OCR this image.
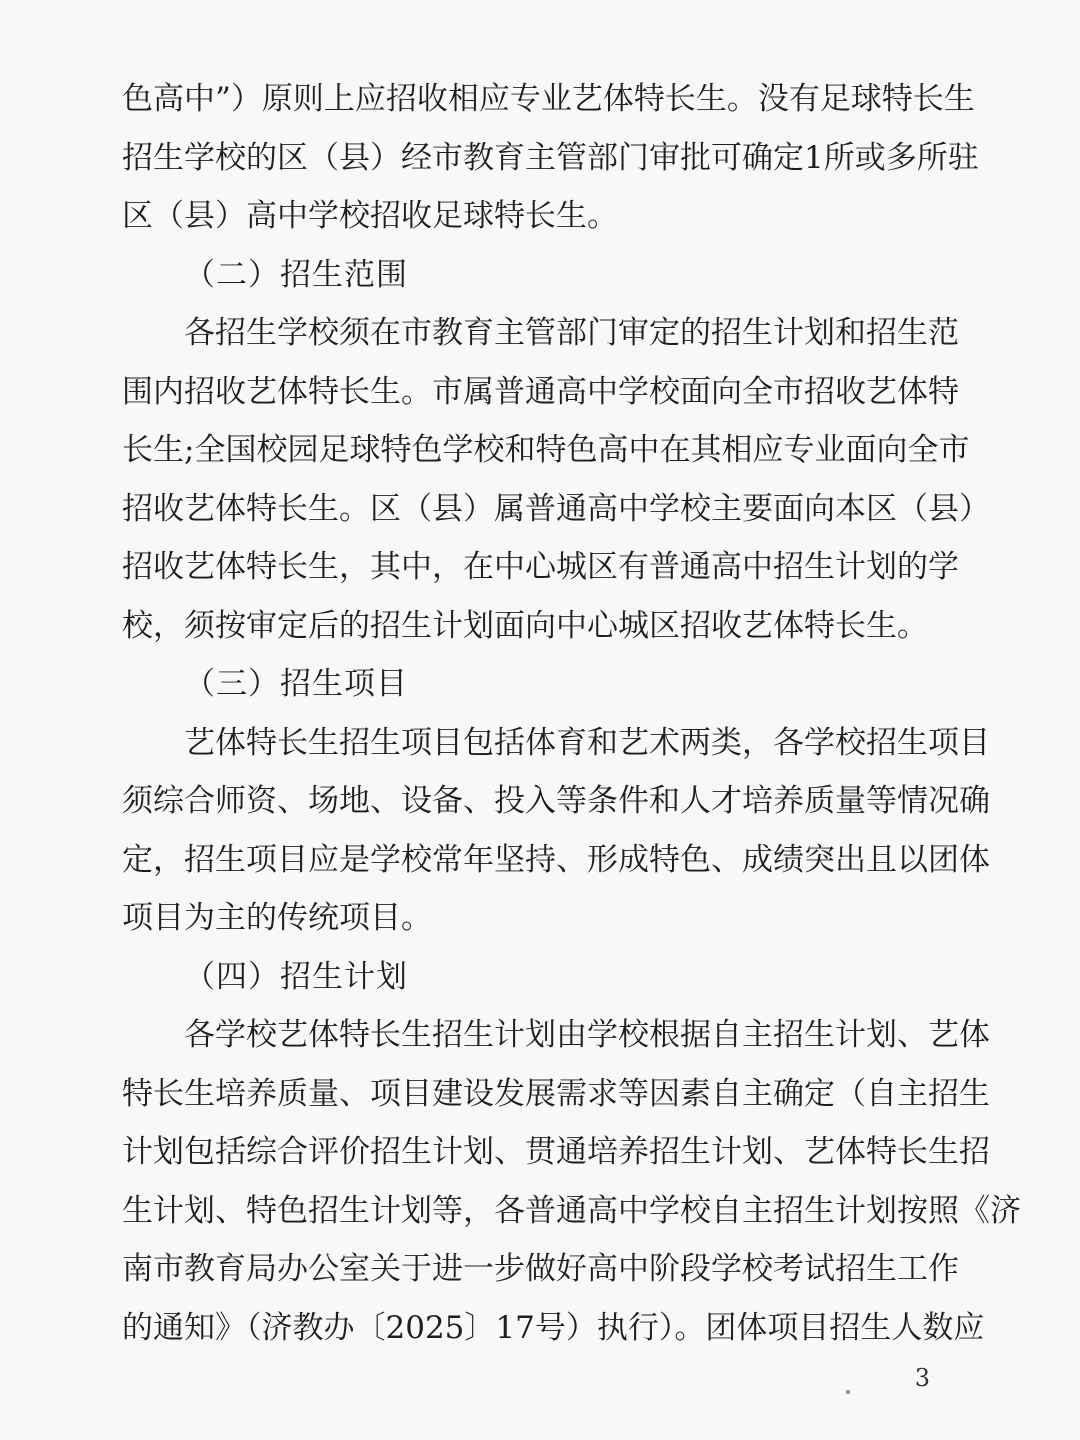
色高中”）原则上应招收相应专业艺体特长生。没有足球特长生
招生学校的区（县）经市教育主管部门审批可确定1所或多所驻
区（县）高中学校招收足球特长生。
（二）招生范围
各招生学校须在市教育主管部门审定的招生计划和招生范
围内招收艺体特长生。市属普通高中学校面向全市招收艺体特
长生;全国校园足球特色学校和特色高中在其相应专业面向全市
招收艺体特长生。区（县）属普通高中学校主要面向本区（县）
招收艺体特长生，其中，在中心城区有普通高中招生计划的学
校，须按审定后的招生计划面向中心城区招收艺体特长生。
（三）招生项目
艺体特长生招生项目包括体育和艺术两类，各学校招生项目
须综合师资、场地、设备、投入等条件和人才培养质量等情况确
定，招生项目应是学校常年坚持、形成特色、成绩突出且以团体
项目为主的传统项目。
（四）招生计划
各学校艺体特长生招生计划由学校根据自主招生计划、艺体
特长生培养质量、项目建设发展需求等因素自主确定（自主招生
计划包括综合评价招生计划、贯通培养招生计划、艺体特长生招
生计划、特色招生计划等，各普通高中学校自主招生计划按照《济
南市教育局办公室关于进一步做好高中阶段学校考试招生工作
的通知》（济教办〔2025〕17号）执行）。团体项目招生人数应
3
